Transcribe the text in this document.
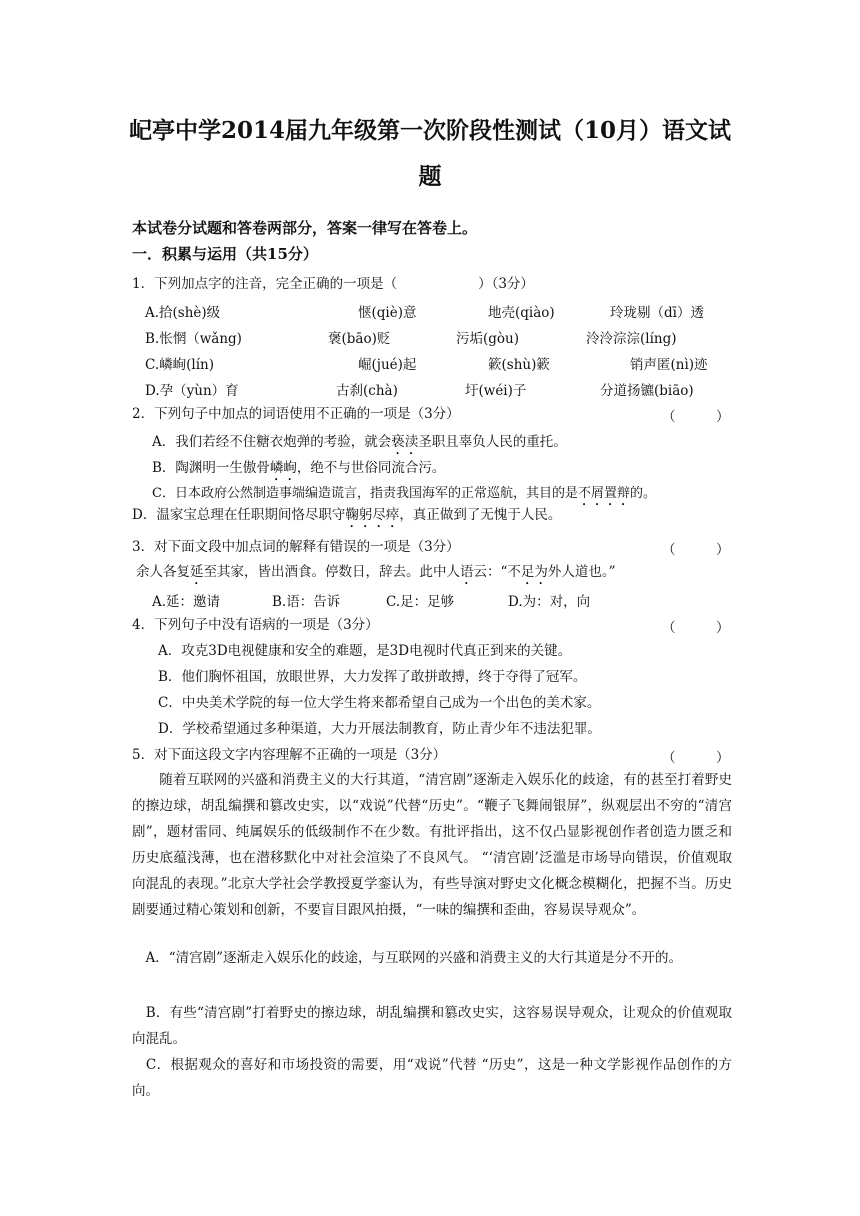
屺亭中学2014届九年级第一次阶段性测试（10月）语文试
题
本试卷分试题和答卷两部分，答案一律写在答卷上。
一．积累与运用（共15分）
1．下列加点字的注音，完全正确的一项是（　　　　　　）（3分）
A.拾(shè)级	惬(qiè)意	地壳(qiào)	玲珑剔（dī）透
B.怅惘（wǎng)	褒(bāo)贬	污垢(gòu)	泠泠淙淙(líng)
C.嶙峋(lín)	崛(jué)起	簌(shù)簌	销声匿(nì)迹
D.孕（yùn）育	古刹(chà)	圩(wéi)子	分道扬镳(biāo)
2．下列句子中加点的词语使用不正确的一项是（3分）	（　　　）
A．我们若经不住糖衣炮弹的考验，就会亵渎圣职且辜负人民的重托。
B．陶渊明一生傲骨嶙峋，绝不与世俗同流合污。
C．日本政府公然制造事端编造谎言，指责我国海军的正常巡航，其目的是不屑置辩的。
D．温家宝总理在任职期间恪尽职守鞠躬尽瘁，真正做到了无愧于人民。
3．对下面文段中加点词的解释有错误的一项是（3分）	（　　　）
余人各复延至其家，皆出酒食。停数日，辞去。此中人语云：“不足为外人道也。”
A.延：邀请	B.语：告诉	C.足：足够	D.为：对，向
4．下列句子中没有语病的一项是（3分）	（　　　）
A．攻克3D电视健康和安全的难题，是3D电视时代真正到来的关键。
B．他们胸怀祖国，放眼世界，大力发挥了敢拼敢搏，终于夺得了冠军。
C．中央美术学院的每一位大学生将来都希望自己成为一个出色的美术家。
D．学校希望通过多种渠道，大力开展法制教育，防止青少年不违法犯罪。
5．对下面这段文字内容理解不正确的一项是（3分）	（　　　）
　　随着互联网的兴盛和消费主义的大行其道，“清宫剧”逐渐走入娱乐化的歧途，有的甚至打着野史的擦边球，胡乱编撰和篡改史实，以“戏说”代替“历史”。“鞭子飞舞闹银屏”，纵观层出不穷的“清宫剧”，题材雷同、纯属娱乐的低级制作不在少数。有批评指出，这不仅凸显影视创作者创造力匮乏和历史底蕴浅薄，也在潜移默化中对社会渲染了不良风气。 “‘清宫剧’泛滥是市场导向错误，价值观取向混乱的表现。”北京大学社会学教授夏学銮认为，有些导演对野史文化概念模糊化，把握不当。历史剧要通过精心策划和创新，不要盲目跟风拍摄，“一味的编撰和歪曲，容易误导观众”。
　A．“清宫剧”逐渐走入娱乐化的歧途，与互联网的兴盛和消费主义的大行其道是分不开的。
　B．有些“清宫剧”打着野史的擦边球，胡乱编撰和篡改史实，这容易误导观众，让观众的价值观取向混乱。
　C．根据观众的喜好和市场投资的需要，用“戏说”代替 “历史”，这是一种文学影视作品创作的方向。
